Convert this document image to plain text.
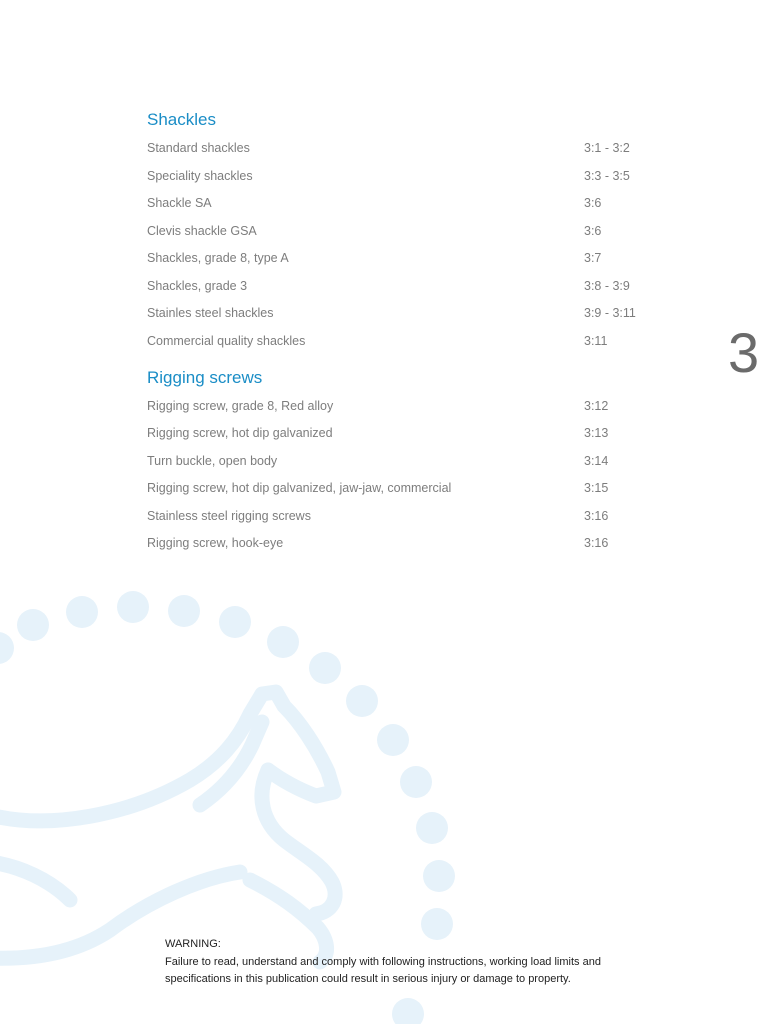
Shackles
Standard shackles	3:1 - 3:2
Speciality shackles	3:3 - 3:5
Shackle SA	3:6
Clevis shackle GSA	3:6
Shackles, grade 8, type A	3:7
Shackles, grade 3	3:8 - 3:9
Stainles steel shackles	3:9 - 3:11
Commercial quality shackles	3:11
Rigging screws
Rigging screw, grade 8, Red alloy	3:12
Rigging screw, hot dip galvanized	3:13
Turn buckle, open body	3:14
Rigging screw, hot dip galvanized, jaw-jaw, commercial	3:15
Stainless steel rigging screws	3:16
Rigging screw, hook-eye	3:16
3
WARNING:
Failure to read, understand and comply with following instructions, working load limits and
specifications in this publication could result in serious injury or damage to property.
